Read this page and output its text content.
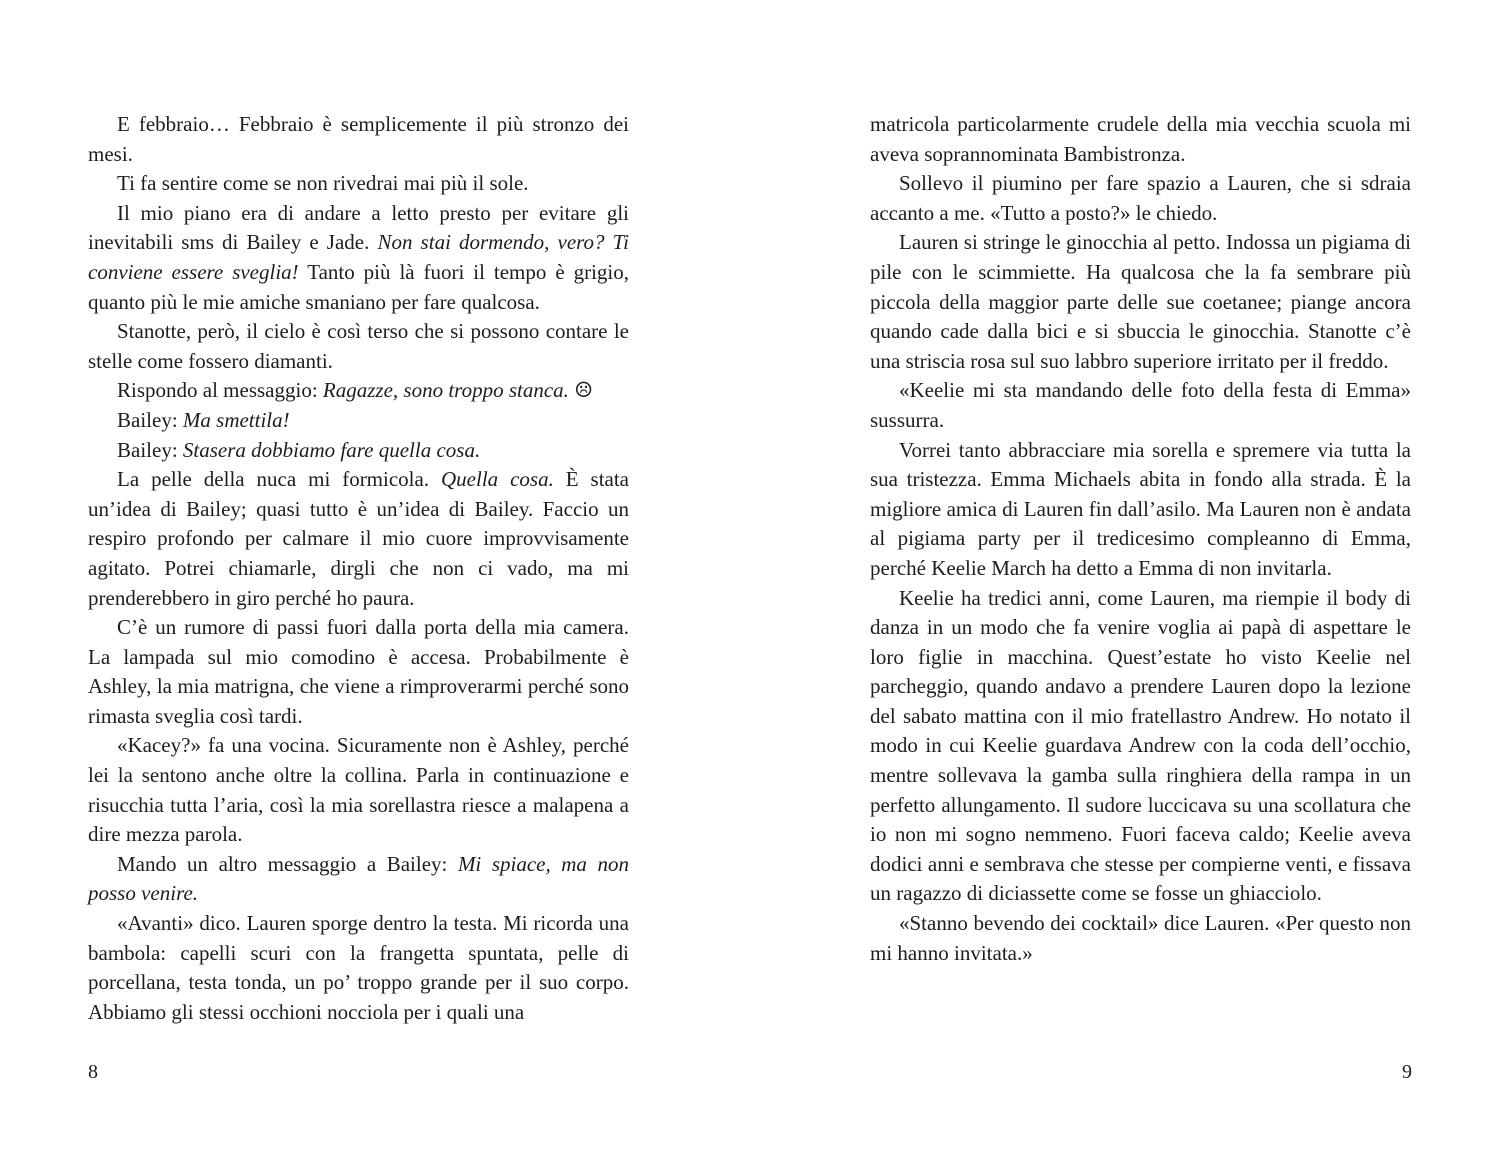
E febbraio… Febbraio è semplicemente il più stronzo dei mesi.

Ti fa sentire come se non rivedrai mai più il sole.

Il mio piano era di andare a letto presto per evitare gli inevitabili sms di Bailey e Jade. Non stai dormendo, vero? Ti conviene essere sveglia! Tanto più là fuori il tempo è grigio, quanto più le mie amiche smaniano per fare qualcosa.

Stanotte, però, il cielo è così terso che si possono contare le stelle come fossero diamanti.

Rispondo al messaggio: Ragazze, sono troppo stanca. ☹

Bailey: Ma smettila!

Bailey: Stasera dobbiamo fare quella cosa.

La pelle della nuca mi formicola. Quella cosa. È stata un’idea di Bailey; quasi tutto è un’idea di Bailey. Faccio un respiro profondo per calmare il mio cuore improvvisamente agitato. Potrei chiamarle, dirgli che non ci vado, ma mi prenderebbero in giro perché ho paura.

C’è un rumore di passi fuori dalla porta della mia camera. La lampada sul mio comodino è accesa. Probabilmente è Ashley, la mia matrigna, che viene a rimproverarmi perché sono rimasta sveglia così tardi.

«Kacey?» fa una vocina. Sicuramente non è Ashley, perché lei la sentono anche oltre la collina. Parla in continuazione e risucchia tutta l’aria, così la mia sorellastra riesce a malapena a dire mezza parola.

Mando un altro messaggio a Bailey: Mi spiace, ma non posso venire.

«Avanti» dico. Lauren sporge dentro la testa. Mi ricorda una bambola: capelli scuri con la frangetta spuntata, pelle di porcellana, testa tonda, un po’ troppo grande per il suo corpo. Abbiamo gli stessi occhioni nocciola per i quali una

8

matricola particolarmente crudele della mia vecchia scuola mi aveva soprannominata Bambistronza.

Sollevo il piumino per fare spazio a Lauren, che si sdraia accanto a me. «Tutto a posto?» le chiedo.

Lauren si stringe le ginocchia al petto. Indossa un pigiama di pile con le scimmiette. Ha qualcosa che la fa sembrare più piccola della maggior parte delle sue coetanee; piange ancora quando cade dalla bici e si sbuccia le ginocchia. Stanotte c’è una striscia rosa sul suo labbro superiore irritato per il freddo.

«Keelie mi sta mandando delle foto della festa di Emma» sussurra.

Vorrei tanto abbracciare mia sorella e spremere via tutta la sua tristezza. Emma Michaels abita in fondo alla strada. È la migliore amica di Lauren fin dall’asilo. Ma Lauren non è andata al pigiama party per il tredicesimo compleanno di Emma, perché Keelie March ha detto a Emma di non invitarla.

Keelie ha tredici anni, come Lauren, ma riempie il body di danza in un modo che fa venire voglia ai papà di aspettare le loro figlie in macchina. Quest’estate ho visto Keelie nel parcheggio, quando andavo a prendere Lauren dopo la lezione del sabato mattina con il mio fratellastro Andrew. Ho notato il modo in cui Keelie guardava Andrew con la coda dell’occhio, mentre sollevava la gamba sulla ringhiera della rampa in un perfetto allungamento. Il sudore luccicava su una scollatura che io non mi sogno nemmeno. Fuori faceva caldo; Keelie aveva dodici anni e sembrava che stesse per compierne venti, e fissava un ragazzo di diciassette come se fosse un ghiacciolo.

«Stanno bevendo dei cocktail» dice Lauren. «Per questo non mi hanno invitata.»

9
